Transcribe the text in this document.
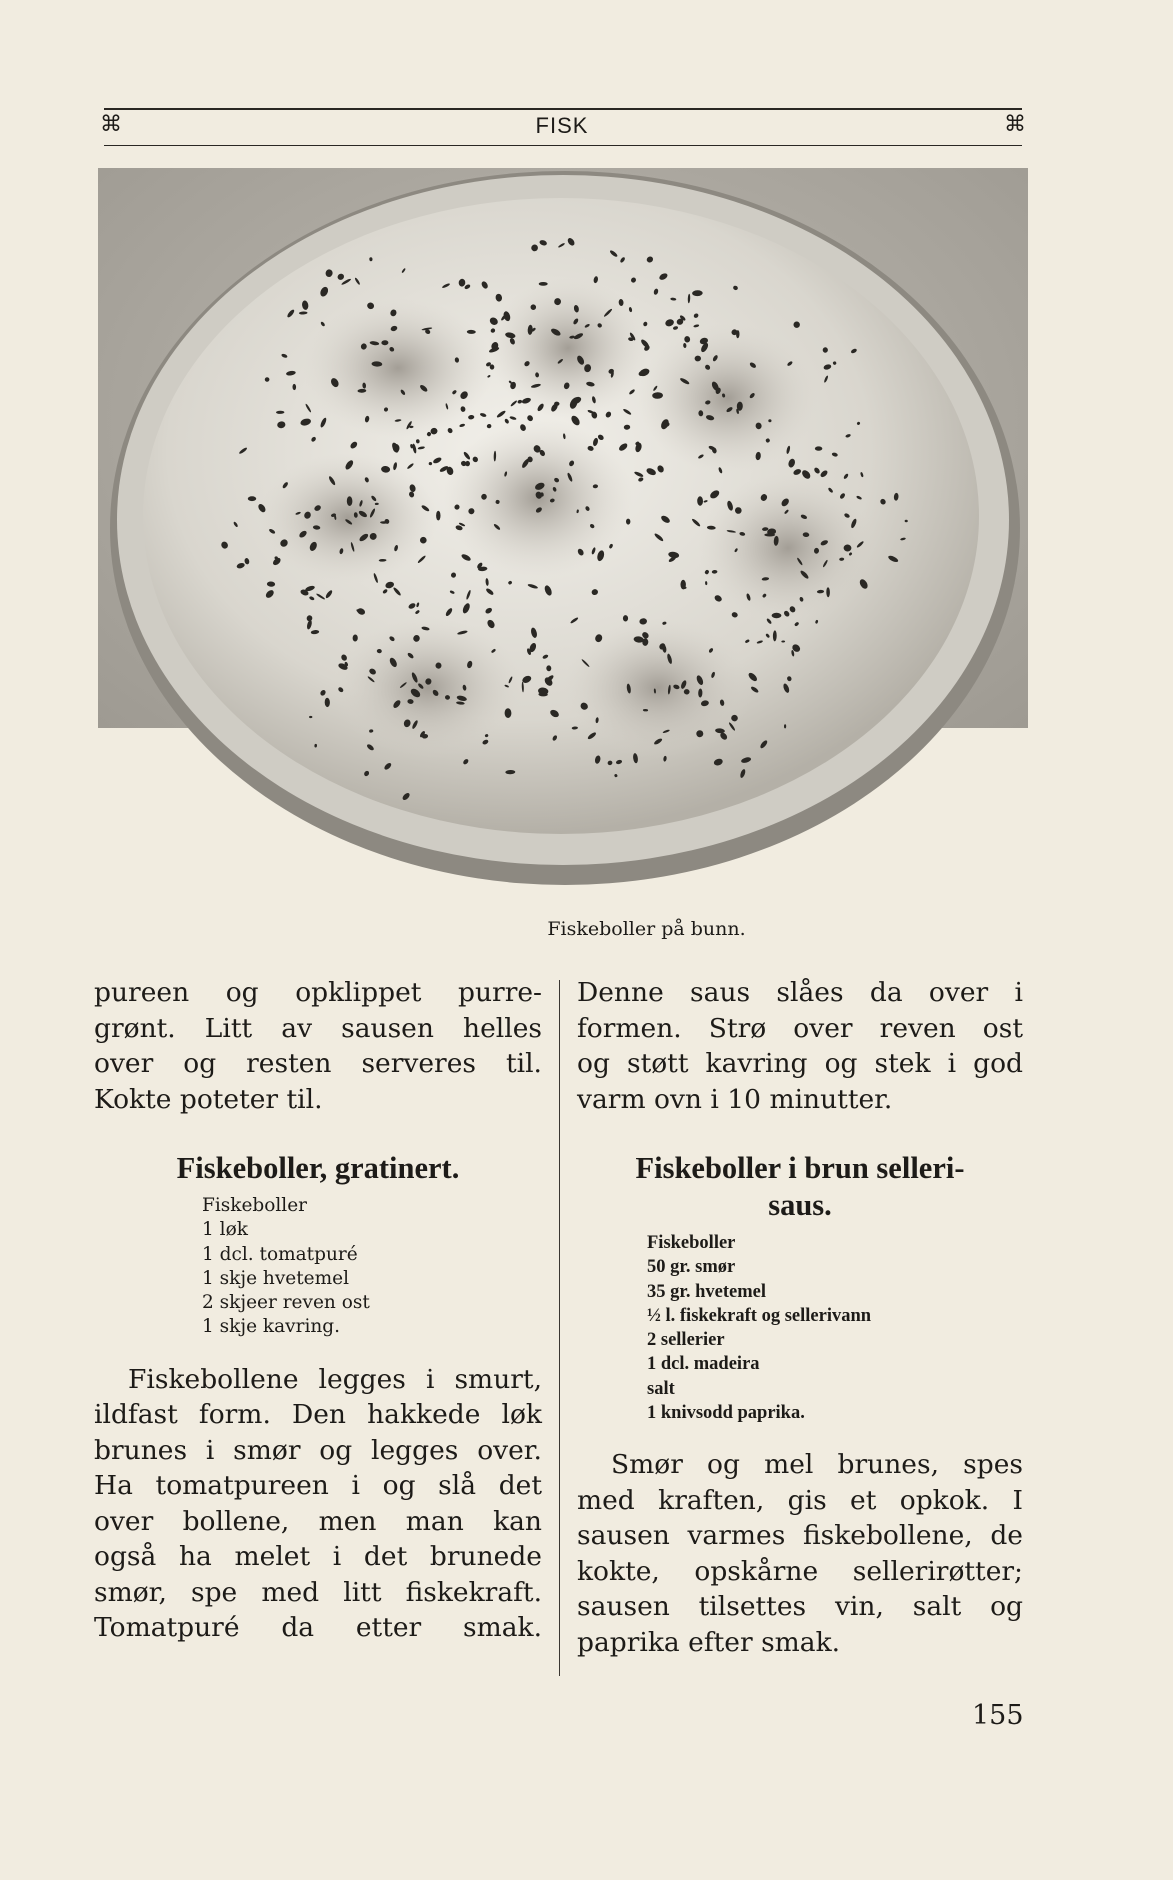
⌘	FISK	⌘
Fiskeboller på bunn.

pureen og opklippet purre-
grønt. Litt av sausen helles
over og resten serveres til.
Kokte poteter til.

Fiskeboller, gratinert.
Fiskeboller
1 løk
1 dcl. tomatpuré
1 skje hvetemel
2 skjeer reven ost
1 skje kavring.

Fiskebollene legges i smurt,
ildfast form. Den hakkede løk
brunes i smør og legges over.
Ha tomatpureen i og slå det
over bollene, men man kan
også ha melet i det brunede
smør, spe med litt fiskekraft.
Tomatpuré da etter smak.

Denne saus slåes da over i
formen. Strø over reven ost
og støtt kavring og stek i god
varm ovn i 10 minutter.

Fiskeboller i brun selleri-
saus.
Fiskeboller
50 gr. smør
35 gr. hvetemel
½ l. fiskekraft og sellerivann
2 sellerier
1 dcl. madeira
salt
1 knivsodd paprika.

Smør og mel brunes, spes
med kraften, gis et opkok. I
sausen varmes fiskebollene, de
kokte, opskårne sellerirøtter;
sausen tilsettes vin, salt og
paprika efter smak.

155
